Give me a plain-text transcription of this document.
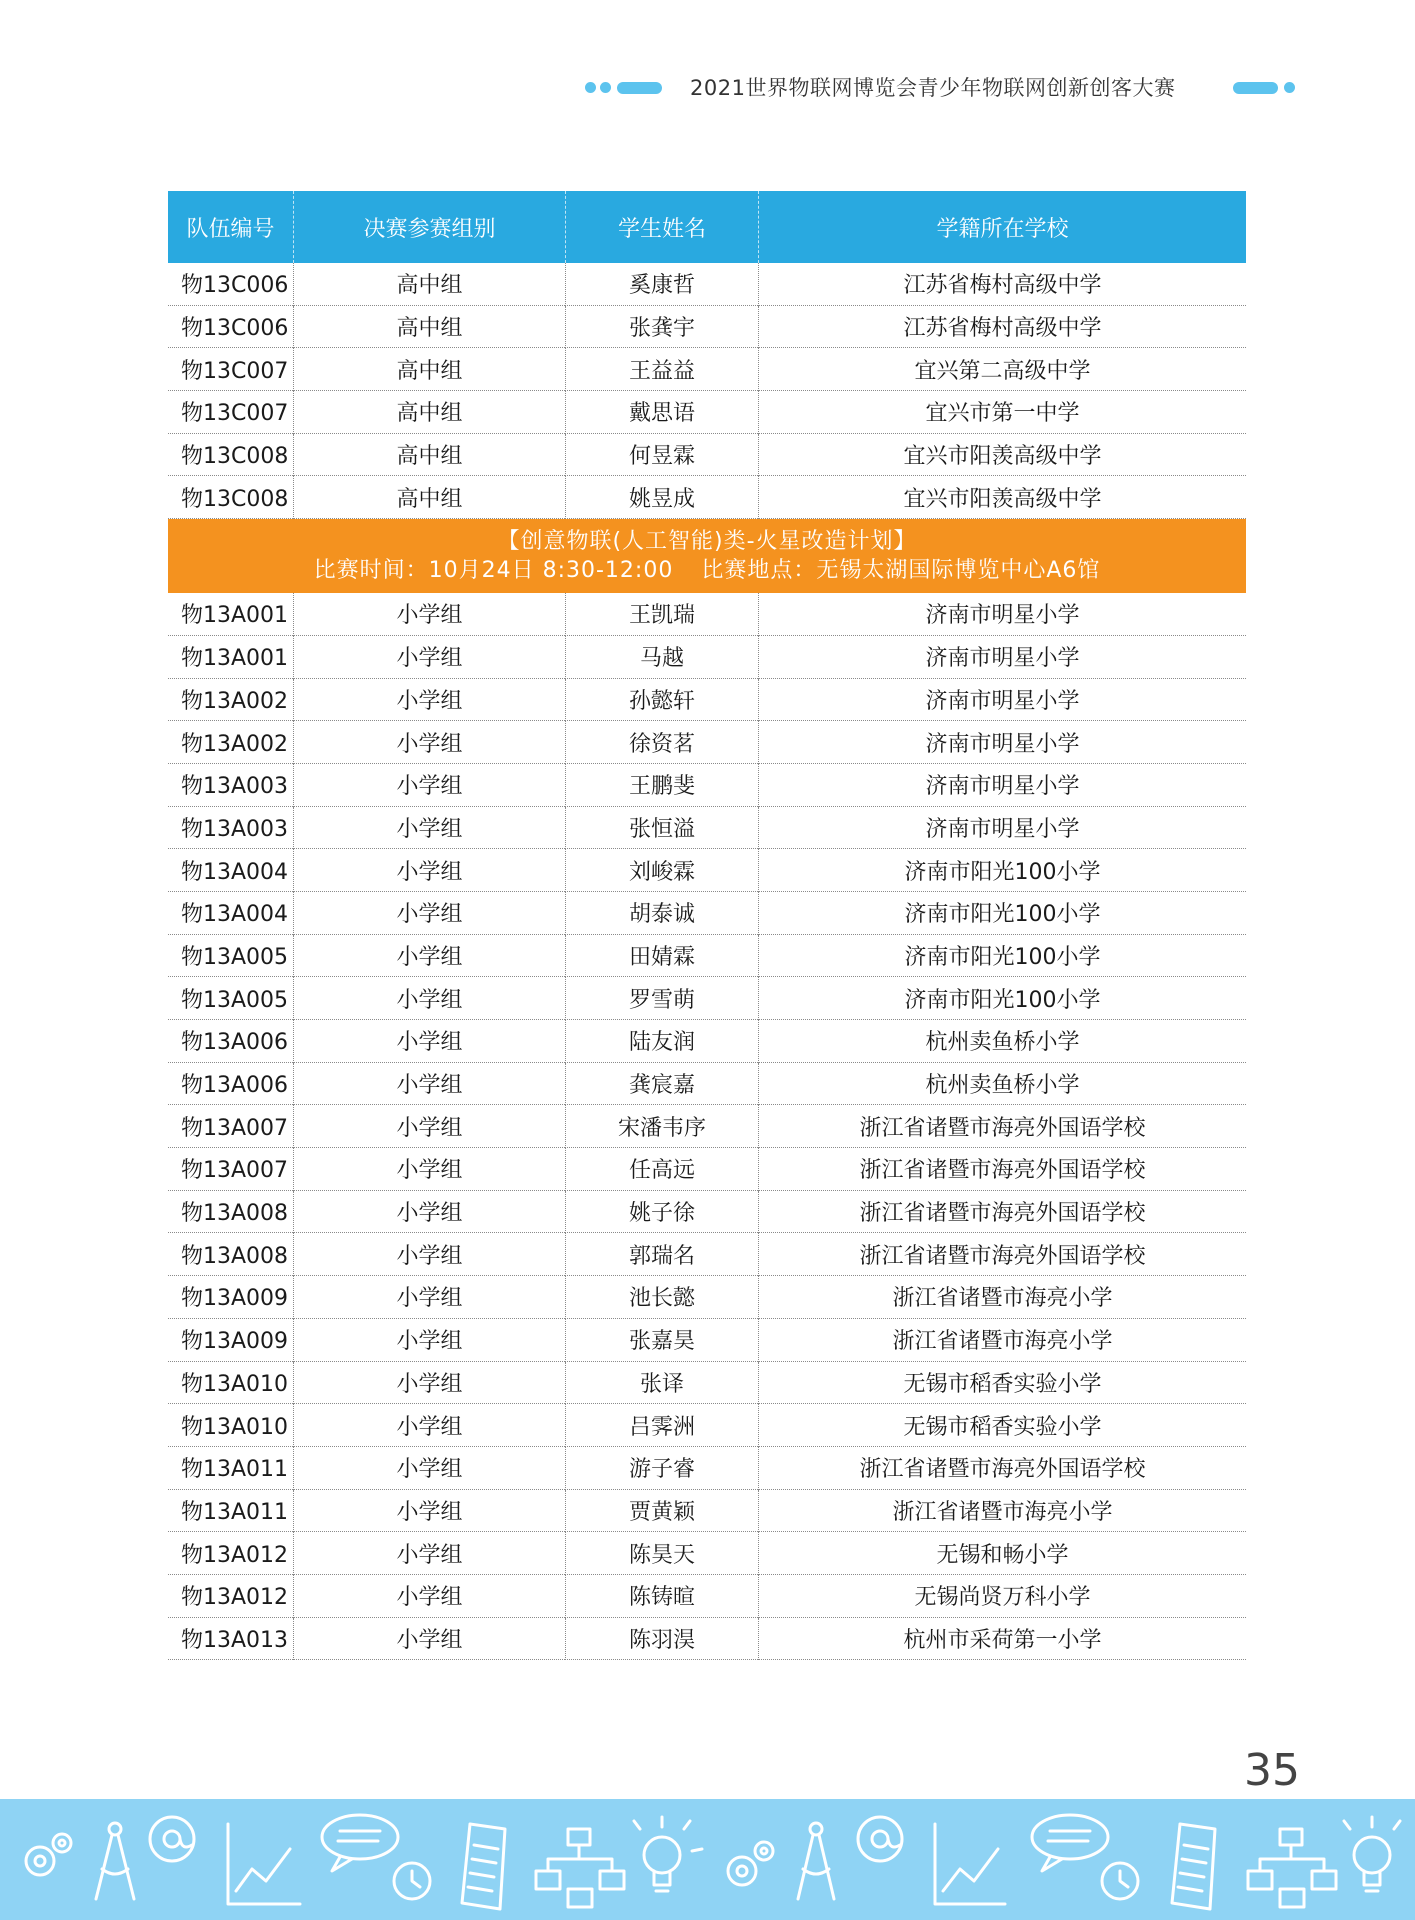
2021世界物联网博览会青少年物联网创新创客大赛
队伍编号	决赛参赛组别	学生姓名	学籍所在学校
物13C006	高中组	奚康哲	江苏省梅村高级中学
物13C006	高中组	张龚宇	江苏省梅村高级中学
物13C007	高中组	王益益	宜兴第二高级中学
物13C007	高中组	戴思语	宜兴市第一中学
物13C008	高中组	何昱霖	宜兴市阳羡高级中学
物13C008	高中组	姚昱成	宜兴市阳羡高级中学
【创意物联(人工智能)类-火星改造计划】
比赛时间：10月24日 8:30-12:00 比赛地点：无锡太湖国际博览中心A6馆
物13A001	小学组	王凯瑞	济南市明星小学
物13A001	小学组	马越	济南市明星小学
物13A002	小学组	孙懿轩	济南市明星小学
物13A002	小学组	徐资茗	济南市明星小学
物13A003	小学组	王鹏斐	济南市明星小学
物13A003	小学组	张恒溢	济南市明星小学
物13A004	小学组	刘峻霖	济南市阳光100小学
物13A004	小学组	胡泰诚	济南市阳光100小学
物13A005	小学组	田婧霖	济南市阳光100小学
物13A005	小学组	罗雪萌	济南市阳光100小学
物13A006	小学组	陆友润	杭州卖鱼桥小学
物13A006	小学组	龚宸嘉	杭州卖鱼桥小学
物13A007	小学组	宋潘韦序	浙江省诸暨市海亮外国语学校
物13A007	小学组	任高远	浙江省诸暨市海亮外国语学校
物13A008	小学组	姚子徐	浙江省诸暨市海亮外国语学校
物13A008	小学组	郭瑞名	浙江省诸暨市海亮外国语学校
物13A009	小学组	池长懿	浙江省诸暨市海亮小学
物13A009	小学组	张嘉昊	浙江省诸暨市海亮小学
物13A010	小学组	张译	无锡市稻香实验小学
物13A010	小学组	吕霁洲	无锡市稻香实验小学
物13A011	小学组	游子睿	浙江省诸暨市海亮外国语学校
物13A011	小学组	贾黄颖	浙江省诸暨市海亮小学
物13A012	小学组	陈昊天	无锡和畅小学
物13A012	小学组	陈铸暄	无锡尚贤万科小学
物13A013	小学组	陈羽淏	杭州市采荷第一小学
35
